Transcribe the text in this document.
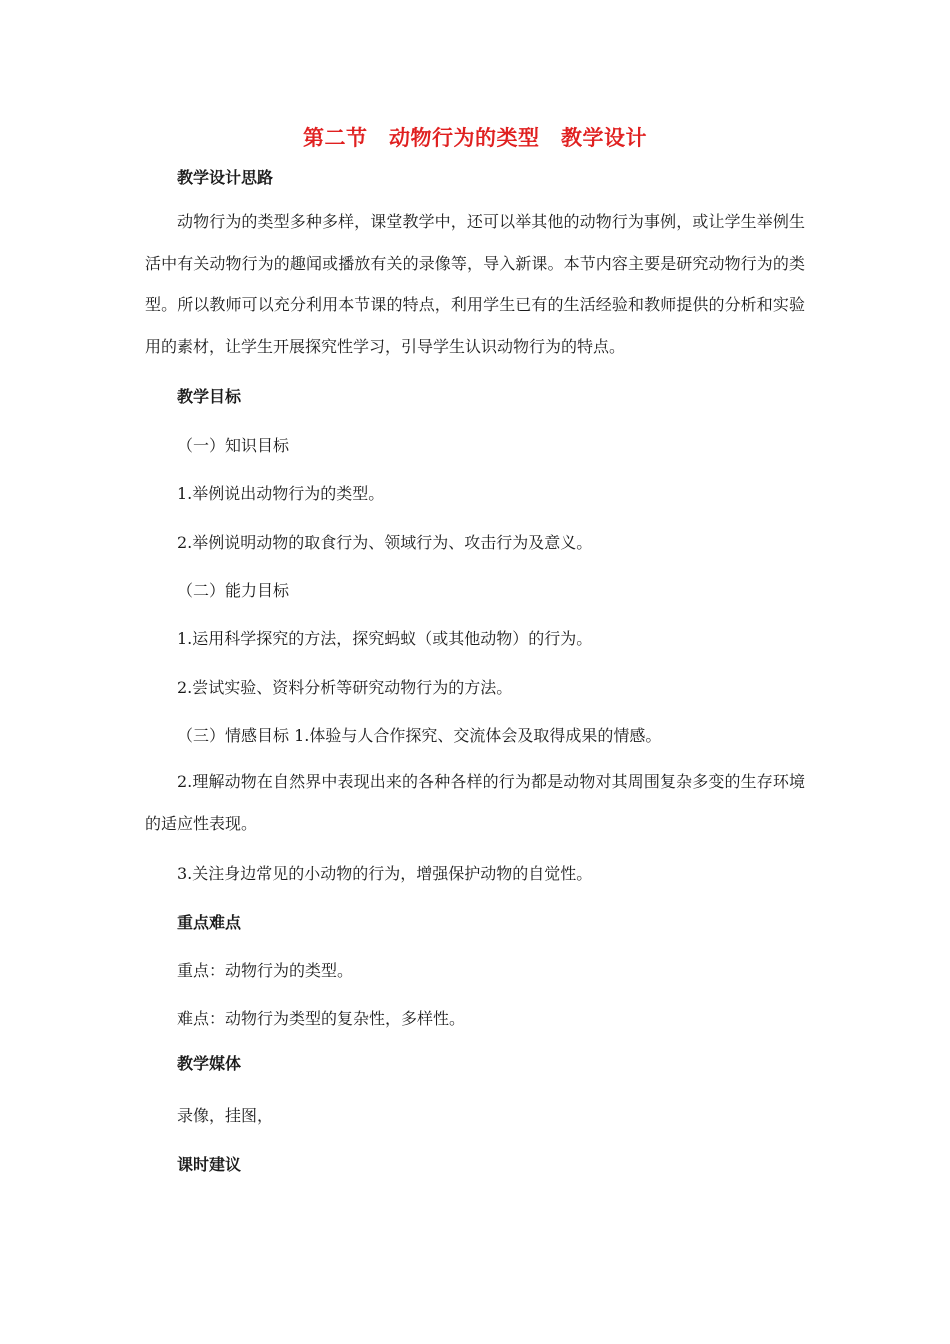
第二节　动物行为的类型　教学设计
教学设计思路
动物行为的类型多种多样，课堂教学中，还可以举其他的动物行为事例，或让学生举例生活中有关动物行为的趣闻或播放有关的录像等，导入新课。本节内容主要是研究动物行为的类型。所以教师可以充分利用本节课的特点，利用学生已有的生活经验和教师提供的分析和实验用的素材，让学生开展探究性学习，引导学生认识动物行为的特点。
教学目标
（一）知识目标
1.举例说出动物行为的类型。
2.举例说明动物的取食行为、领域行为、攻击行为及意义。
（二）能力目标
1.运用科学探究的方法，探究蚂蚁（或其他动物）的行为。
2.尝试实验、资料分析等研究动物行为的方法。
（三）情感目标 1.体验与人合作探究、交流体会及取得成果的情感。
2.理解动物在自然界中表现出来的各种各样的行为都是动物对其周围复杂多变的生存环境的适应性表现。
3.关注身边常见的小动物的行为，增强保护动物的自觉性。
重点难点
重点：动物行为的类型。
难点：动物行为类型的复杂性，多样性。
教学媒体
录像，挂图，
课时建议
